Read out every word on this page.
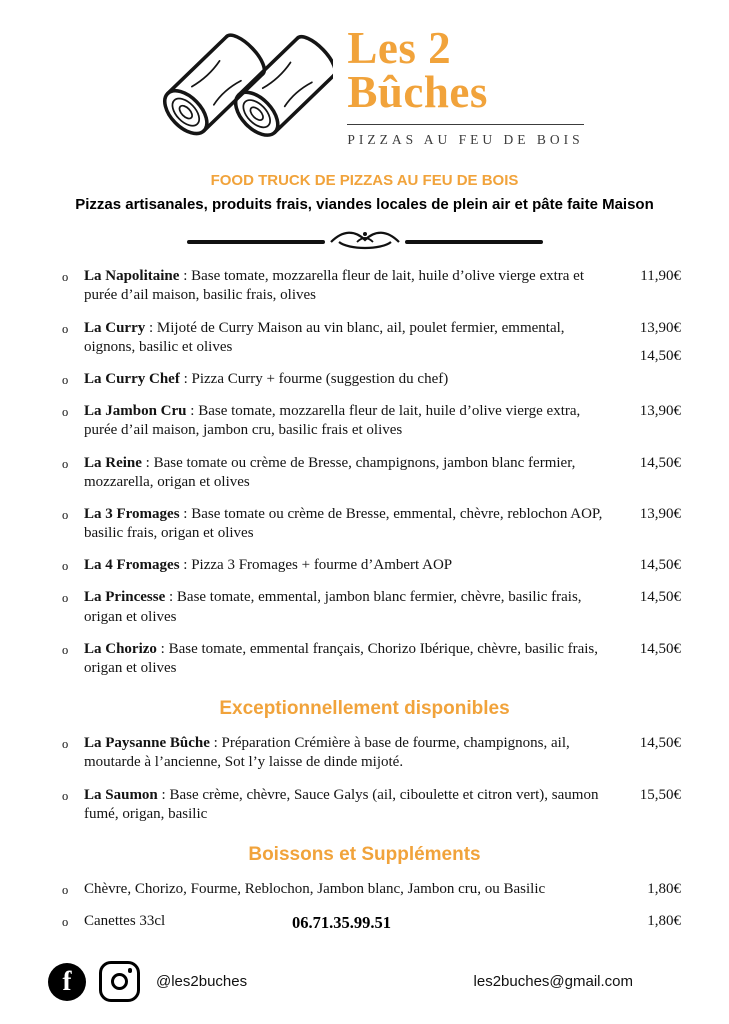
Les 2
Bûches
PIZZAS AU FEU DE BOIS
FOOD TRUCK DE PIZZAS AU FEU DE BOIS
Pizzas artisanales, produits frais, viandes locales de plein air et pâte faite Maison
o	La Napolitaine : Base tomate, mozzarella fleur de lait, huile d’olive vierge extra et purée d’ail maison, basilic frais, olives
11,90€
o	La Curry : Mijoté de Curry Maison au vin blanc, ail, poulet fermier, emmental, oignons, basilic et olives
13,90€
o	La Curry Chef : Pizza Curry + fourme (suggestion du chef)
14,50€
o	La Jambon Cru : Base tomate, mozzarella fleur de lait, huile d’olive vierge extra, purée d’ail maison, jambon cru, basilic frais et olives
13,90€
o	La Reine : Base tomate ou crème de Bresse, champignons, jambon blanc fermier, mozzarella, origan et olives
14,50€
o	La 3 Fromages : Base tomate ou crème de Bresse, emmental, chèvre, reblochon AOP, basilic frais, origan et olives
13,90€
o	La 4 Fromages : Pizza 3 Fromages + fourme d’Ambert AOP	14,50€
o	La Princesse : Base tomate, emmental, jambon blanc fermier, chèvre, basilic frais, origan et olives
14,50€
o	La Chorizo : Base tomate, emmental français, Chorizo Ibérique, chèvre, basilic frais, origan et olives
14,50€
Exceptionnellement disponibles
o	La Paysanne Bûche : Préparation Crémière à base de fourme, champignons, ail, moutarde à l’ancienne, Sot l’y laisse de dinde mijoté.
14,50€
o	La Saumon : Base crème, chèvre, Sauce Galys (ail, ciboulette et citron vert), saumon fumé, origan, basilic
15,50€
Boissons et Suppléments
o	Chèvre, Chorizo, Fourme, Reblochon, Jambon blanc, Jambon cru, ou Basilic	1,80€
o	Canettes 33cl	06.71.35.99.51	1,80€
f	@les2buches	les2buches@gmail.com
